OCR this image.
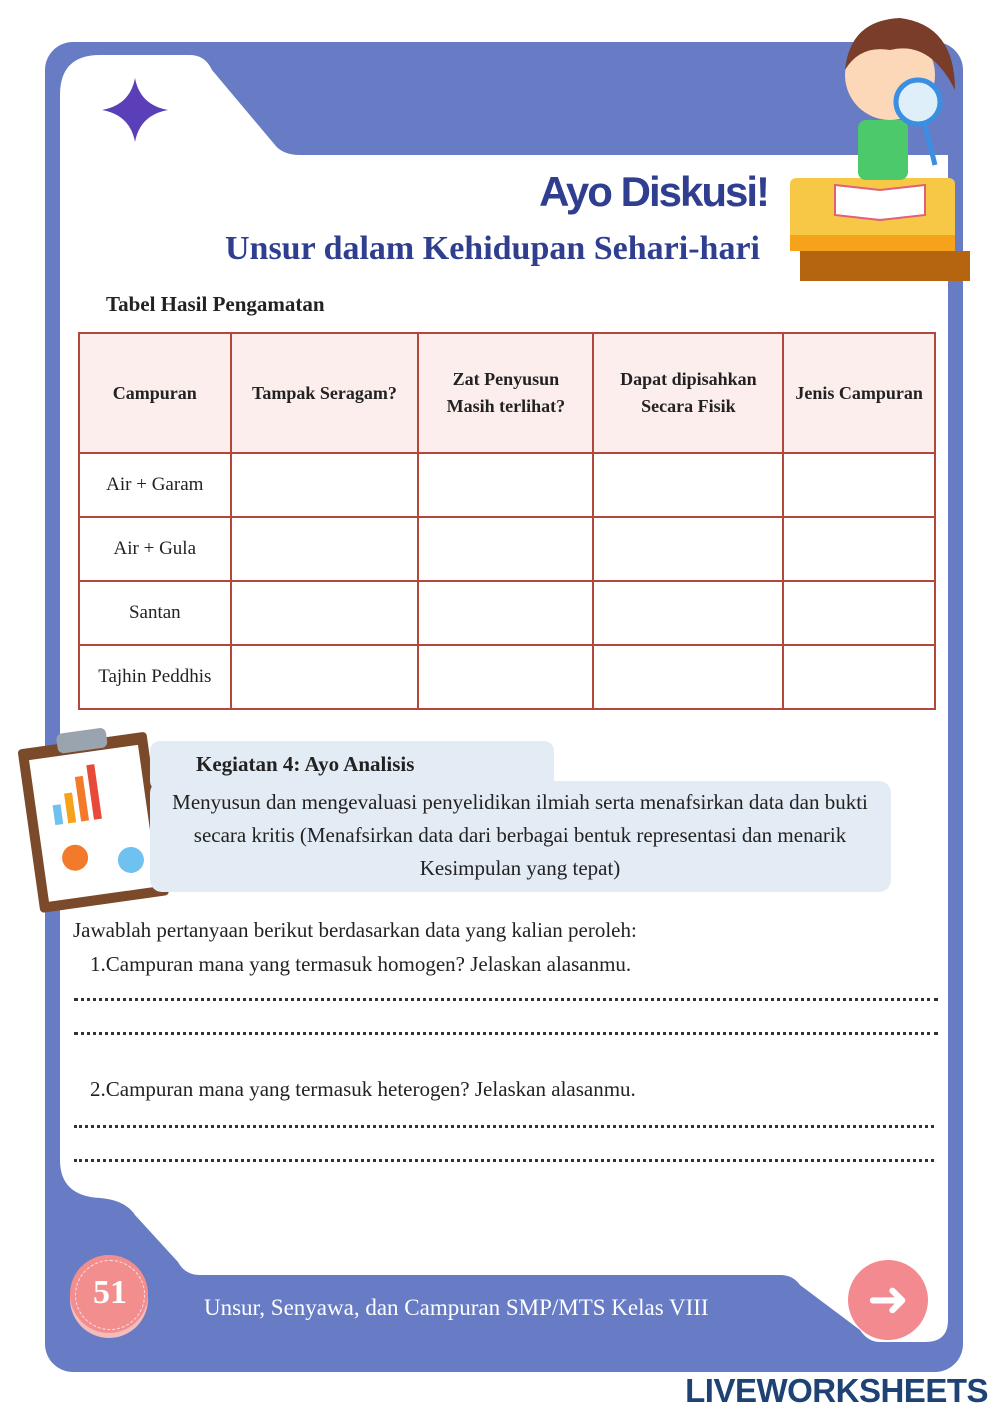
Ayo Diskusi!
Unsur dalam Kehidupan Sehari-hari
Tabel Hasil Pengamatan
Campuran	Tampak Seragam?	Zat Penyusun Masih terlihat?	Dapat dipisahkan Secara Fisik	Jenis Campuran
Air + Garam				
Air + Gula				
Santan				
Tajhin Peddhis				
Kegiatan 4: Ayo Analisis
Menyusun dan mengevaluasi penyelidikan ilmiah serta menafsirkan data dan bukti secara kritis (Menafsirkan data dari berbagai bentuk representasi dan menarik Kesimpulan yang tepat)
Jawablah pertanyaan berikut berdasarkan data yang kalian peroleh:
1.Campuran mana yang termasuk homogen? Jelaskan alasanmu.
2.Campuran mana yang termasuk heterogen? Jelaskan alasanmu.
51	Unsur, Senyawa, dan Campuran SMP/MTS Kelas VIII	➜
LIVEWORKSHEETS
